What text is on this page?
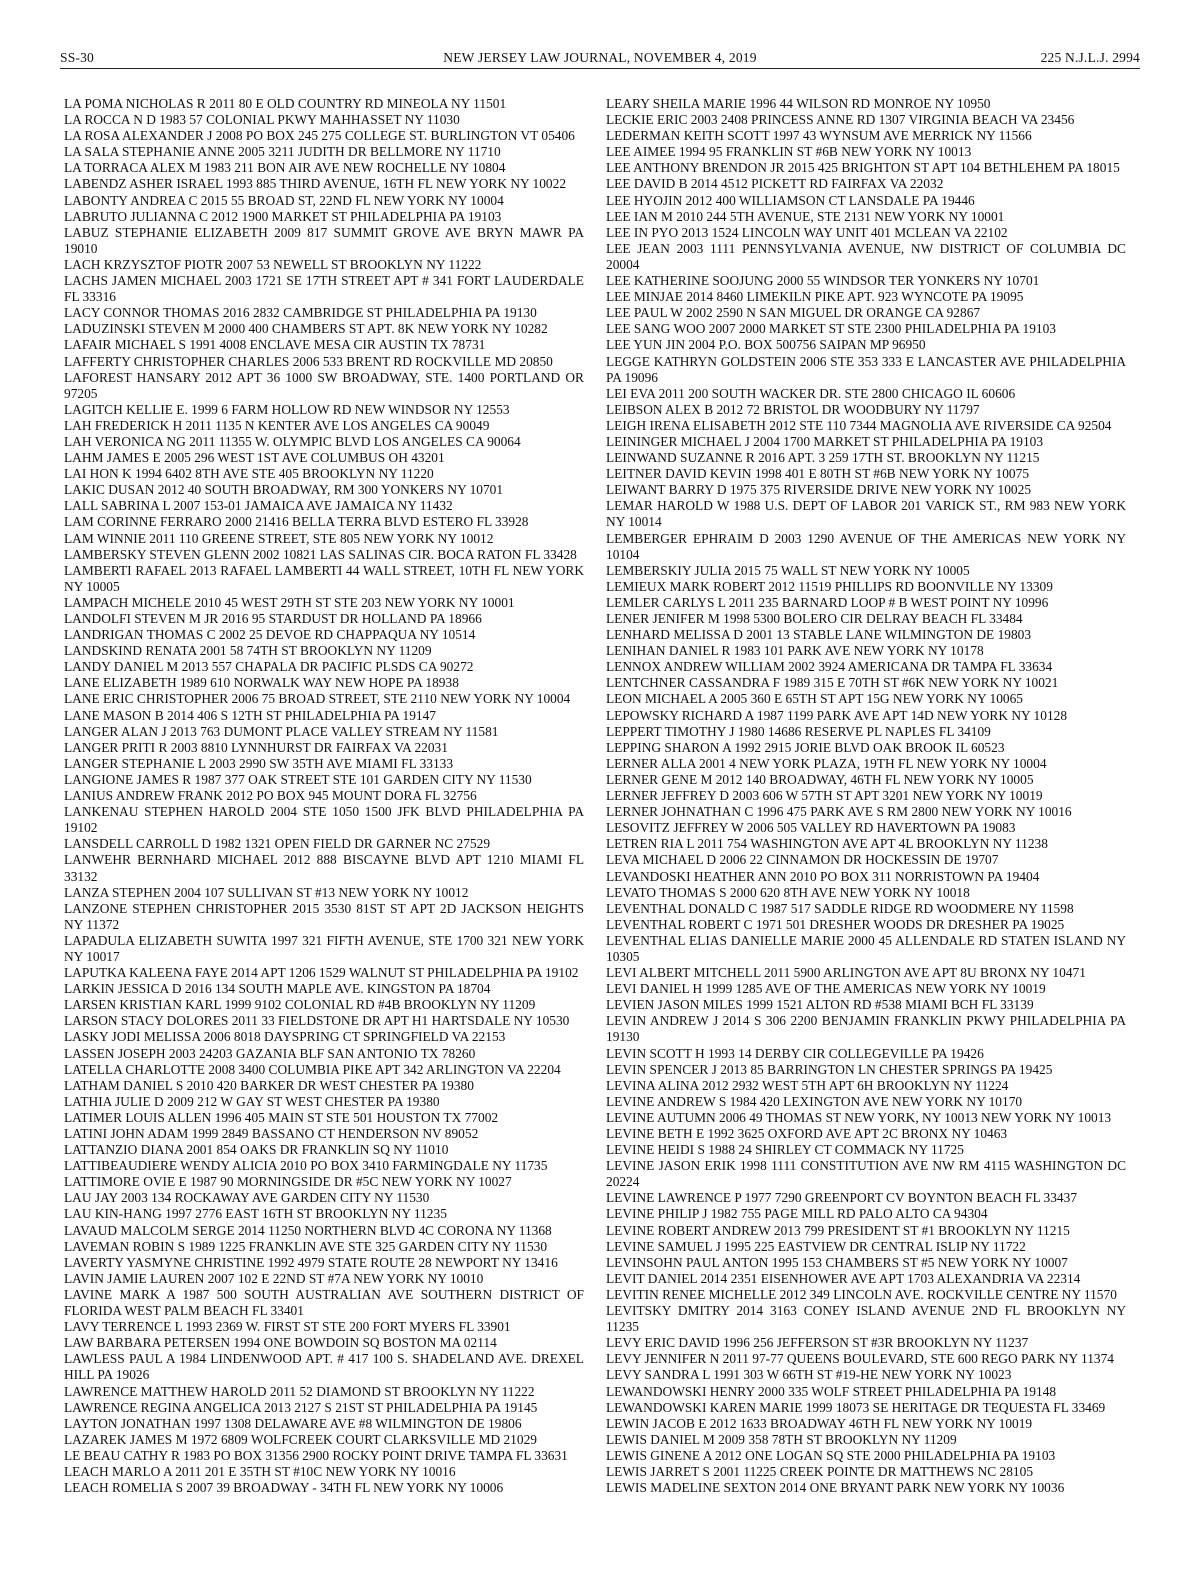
NEW JERSEY LAW JOURNAL, NOVEMBER 4, 2019
SS-30	225 N.J.L.J. 2994
LA POMA NICHOLAS R 2011 80 E OLD COUNTRY RD MINEOLA NY 11501
LA ROCCA N D 1983 57 COLONIAL PKWY MAHHASSET NY 11030
LA ROSA ALEXANDER J 2008 PO BOX 245 275 COLLEGE ST. BURLINGTON VT 05406
LA SALA STEPHANIE ANNE 2005 3211 JUDITH DR BELLMORE NY 11710
LA TORRACA ALEX M 1983 211 BON AIR AVE NEW ROCHELLE NY 10804
LABENDZ ASHER ISRAEL 1993 885 THIRD AVENUE, 16TH FL NEW YORK NY 10022
LABONTY ANDREA C 2015 55 BROAD ST, 22ND FL NEW YORK NY 10004
LABRUTO JULIANNA C 2012 1900 MARKET ST PHILADELPHIA PA 19103
LABUZ STEPHANIE ELIZABETH 2009 817 SUMMIT GROVE AVE BRYN MAWR PA 19010
LACH KRZYSZTOF PIOTR 2007 53 NEWELL ST BROOKLYN NY 11222
LACHS JAMEN MICHAEL 2003 1721 SE 17TH STREET APT # 341 FORT LAUDERDALE FL 33316
LACY CONNOR THOMAS 2016 2832 CAMBRIDGE ST PHILADELPHIA PA 19130
LADUZINSKI STEVEN M 2000 400 CHAMBERS ST APT. 8K NEW YORK NY 10282
LAFAIR MICHAEL S 1991 4008 ENCLAVE MESA CIR AUSTIN TX 78731
LAFFERTY CHRISTOPHER CHARLES 2006 533 BRENT RD ROCKVILLE MD 20850
LAFOREST HANSARY 2012 APT 36 1000 SW BROADWAY, STE. 1400 PORTLAND OR 97205
LAGITCH KELLIE E. 1999 6 FARM HOLLOW RD NEW WINDSOR NY 12553
LAH FREDERICK H 2011 1135 N KENTER AVE LOS ANGELES CA 90049
LAH VERONICA NG 2011 11355 W. OLYMPIC BLVD LOS ANGELES CA 90064
LAHM JAMES E 2005 296 WEST 1ST AVE COLUMBUS OH 43201
LAI HON K 1994 6402 8TH AVE STE 405 BROOKLYN NY 11220
LAKIC DUSAN 2012 40 SOUTH BROADWAY, RM 300 YONKERS NY 10701
LALL SABRINA L 2007 153-01 JAMAICA AVE JAMAICA NY 11432
LAM CORINNE FERRARO 2000 21416 BELLA TERRA BLVD ESTERO FL 33928
LAM WINNIE 2011 110 GREENE STREET, STE 805 NEW YORK NY 10012
LAMBERSKY STEVEN GLENN 2002 10821 LAS SALINAS CIR. BOCA RATON FL 33428
LAMBERTI RAFAEL 2013 RAFAEL LAMBERTI 44 WALL STREET, 10TH FL NEW YORK NY 10005
LAMPACH MICHELE 2010 45 WEST 29TH ST STE 203 NEW YORK NY 10001
LANDOLFI STEVEN M JR 2016 95 STARDUST DR HOLLAND PA 18966
LANDRIGAN THOMAS C 2002 25 DEVOE RD CHAPPAQUA NY 10514
LANDSKIND RENATA 2001 58 74TH ST BROOKLYN NY 11209
LANDY DANIEL M 2013 557 CHAPALA DR PACIFIC PLSDS CA 90272
LANE ELIZABETH 1989 610 NORWALK WAY NEW HOPE PA 18938
LANE ERIC CHRISTOPHER 2006 75 BROAD STREET, STE 2110 NEW YORK NY 10004
LANE MASON B 2014 406 S 12TH ST PHILADELPHIA PA 19147
LANGER ALAN J 2013 763 DUMONT PLACE VALLEY STREAM NY 11581
LANGER PRITI R 2003 8810 LYNNHURST DR FAIRFAX VA 22031
LANGER STEPHANIE L 2003 2990 SW 35TH AVE MIAMI FL 33133
LANGIONE JAMES R 1987 377 OAK STREET STE 101 GARDEN CITY NY 11530
LANIUS ANDREW FRANK 2012 PO BOX 945 MOUNT DORA FL 32756
LANKENAU STEPHEN HAROLD 2004 STE 1050 1500 JFK BLVD PHILADELPHIA PA 19102
LANSDELL CARROLL D 1982 1321 OPEN FIELD DR GARNER NC 27529
LANWEHR BERNHARD MICHAEL 2012 888 BISCAYNE BLVD APT 1210 MIAMI FL 33132
LANZA STEPHEN 2004 107 SULLIVAN ST #13 NEW YORK NY 10012
LANZONE STEPHEN CHRISTOPHER 2015 3530 81ST ST APT 2D JACKSON HEIGHTS NY 11372
LAPADULA ELIZABETH SUWITA 1997 321 FIFTH AVENUE, STE 1700 321 NEW YORK NY 10017
LAPUTKA KALEENA FAYE 2014 APT 1206 1529 WALNUT ST PHILADELPHIA PA 19102
LARKIN JESSICA D 2016 134 SOUTH MAPLE AVE. KINGSTON PA 18704
LARSEN KRISTIAN KARL 1999 9102 COLONIAL RD #4B BROOKLYN NY 11209
LARSON STACY DOLORES 2011 33 FIELDSTONE DR APT H1 HARTSDALE NY 10530
LASKY JODI MELISSA 2006 8018 DAYSPRING CT SPRINGFIELD VA 22153
LASSEN JOSEPH 2003 24203 GAZANIA BLF SAN ANTONIO TX 78260
LATELLA CHARLOTTE 2008 3400 COLUMBIA PIKE APT 342 ARLINGTON VA 22204
LATHAM DANIEL S 2010 420 BARKER DR WEST CHESTER PA 19380
LATHIA JULIE D 2009 212 W GAY ST WEST CHESTER PA 19380
LATIMER LOUIS ALLEN 1996 405 MAIN ST STE 501 HOUSTON TX 77002
LATINI JOHN ADAM 1999 2849 BASSANO CT HENDERSON NV 89052
LATTANZIO DIANA 2001 854 OAKS DR FRANKLIN SQ NY 11010
LATTIBEAUDIERE WENDY ALICIA 2010 PO BOX 3410 FARMINGDALE NY 11735
LATTIMORE OVIE E 1987 90 MORNINGSIDE DR #5C NEW YORK NY 10027
LAU JAY 2003 134 ROCKAWAY AVE GARDEN CITY NY 11530
LAU KIN-HANG 1997 2776 EAST 16TH ST BROOKLYN NY 11235
LAVAUD MALCOLM SERGE 2014 11250 NORTHERN BLVD 4C CORONA NY 11368
LAVEMAN ROBIN S 1989 1225 FRANKLIN AVE STE 325 GARDEN CITY NY 11530
LAVERTY YASMYNE CHRISTINE 1992 4979 STATE ROUTE 28 NEWPORT NY 13416
LAVIN JAMIE LAUREN 2007 102 E 22ND ST #7A NEW YORK NY 10010
LAVINE MARK A 1987 500 SOUTH AUSTRALIAN AVE SOUTHERN DISTRICT OF FLORIDA WEST PALM BEACH FL 33401
LAVY TERRENCE L 1993 2369 W. FIRST ST STE 200 FORT MYERS FL 33901
LAW BARBARA PETERSEN 1994 ONE BOWDOIN SQ BOSTON MA 02114
LAWLESS PAUL A 1984 LINDENWOOD APT. # 417 100 S. SHADELAND AVE. DREXEL HILL PA 19026
LAWRENCE MATTHEW HAROLD 2011 52 DIAMOND ST BROOKLYN NY 11222
LAWRENCE REGINA ANGELICA 2013 2127 S 21ST ST PHILADELPHIA PA 19145
LAYTON JONATHAN 1997 1308 DELAWARE AVE #8 WILMINGTON DE 19806
LAZAREK JAMES M 1972 6809 WOLFCREEK COURT CLARKSVILLE MD 21029
LE BEAU CATHY R 1983 PO BOX 31356 2900 ROCKY POINT DRIVE TAMPA FL 33631
LEACH MARLO A 2011 201 E 35TH ST #10C NEW YORK NY 10016
LEACH ROMELIA S 2007 39 BROADWAY - 34TH FL NEW YORK NY 10006
LEARY SHEILA MARIE 1996 44 WILSON RD MONROE NY 10950
LECKIE ERIC 2003 2408 PRINCESS ANNE RD 1307 VIRGINIA BEACH VA 23456
LEDERMAN KEITH SCOTT 1997 43 WYNSUM AVE MERRICK NY 11566
LEE AIMEE 1994 95 FRANKLIN ST #6B NEW YORK NY 10013
LEE ANTHONY BRENDON JR 2015 425 BRIGHTON ST APT 104 BETHLEHEM PA 18015
LEE DAVID B 2014 4512 PICKETT RD FAIRFAX VA 22032
LEE HYOJIN 2012 400 WILLIAMSON CT LANSDALE PA 19446
LEE IAN M 2010 244 5TH AVENUE, STE 2131 NEW YORK NY 10001
LEE IN PYO 2013 1524 LINCOLN WAY UNIT 401 MCLEAN VA 22102
LEE JEAN 2003 1111 PENNSYLVANIA AVENUE, NW DISTRICT OF COLUMBIA DC 20004
LEE KATHERINE SOOJUNG 2000 55 WINDSOR TER YONKERS NY 10701
LEE MINJAE 2014 8460 LIMEKILN PIKE APT. 923 WYNCOTE PA 19095
LEE PAUL W 2002 2590 N SAN MIGUEL DR ORANGE CA 92867
LEE SANG WOO 2007 2000 MARKET ST STE 2300 PHILADELPHIA PA 19103
LEE YUN JIN 2004 P.O. BOX 500756 SAIPAN MP 96950
LEGGE KATHRYN GOLDSTEIN 2006 STE 353 333 E LANCASTER AVE PHILADELPHIA PA 19096
LEI EVA 2011 200 SOUTH WACKER DR. STE 2800 CHICAGO IL 60606
LEIBSON ALEX B 2012 72 BRISTOL DR WOODBURY NY 11797
LEIGH IRENA ELISABETH 2012 STE 110 7344 MAGNOLIA AVE RIVERSIDE CA 92504
LEININGER MICHAEL J 2004 1700 MARKET ST PHILADELPHIA PA 19103
LEINWAND SUZANNE R 2016 APT. 3 259 17TH ST. BROOKLYN NY 11215
LEITNER DAVID KEVIN 1998 401 E 80TH ST #6B NEW YORK NY 10075
LEIWANT BARRY D 1975 375 RIVERSIDE DRIVE NEW YORK NY 10025
LEMAR HAROLD W 1988 U.S. DEPT OF LABOR 201 VARICK ST., RM 983 NEW YORK NY 10014
LEMBERGER EPHRAIM D 2003 1290 AVENUE OF THE AMERICAS NEW YORK NY 10104
LEMBERSKIY JULIA 2015 75 WALL ST NEW YORK NY 10005
LEMIEUX MARK ROBERT 2012 11519 PHILLIPS RD BOONVILLE NY 13309
LEMLER CARLYS L 2011 235 BARNARD LOOP # B WEST POINT NY 10996
LENER JENIFER M 1998 5300 BOLERO CIR DELRAY BEACH FL 33484
LENHARD MELISSA D 2001 13 STABLE LANE WILMINGTON DE 19803
LENIHAN DANIEL R 1983 101 PARK AVE NEW YORK NY 10178
LENNOX ANDREW WILLIAM 2002 3924 AMERICANA DR TAMPA FL 33634
LENTCHNER CASSANDRA F 1989 315 E 70TH ST #6K NEW YORK NY 10021
LEON MICHAEL A 2005 360 E 65TH ST APT 15G NEW YORK NY 10065
LEPOWSKY RICHARD A 1987 1199 PARK AVE APT 14D NEW YORK NY 10128
LEPPERT TIMOTHY J 1980 14686 RESERVE PL NAPLES FL 34109
LEPPING SHARON A 1992 2915 JORIE BLVD OAK BROOK IL 60523
LERNER ALLA 2001 4 NEW YORK PLAZA, 19TH FL NEW YORK NY 10004
LERNER GENE M 2012 140 BROADWAY, 46TH FL NEW YORK NY 10005
LERNER JEFFREY D 2003 606 W 57TH ST APT 3201 NEW YORK NY 10019
LERNER JOHNATHAN C 1996 475 PARK AVE S RM 2800 NEW YORK NY 10016
LESOVITZ JEFFREY W 2006 505 VALLEY RD HAVERTOWN PA 19083
LETREN RIA L 2011 754 WASHINGTON AVE APT 4L BROOKLYN NY 11238
LEVA MICHAEL D 2006 22 CINNAMON DR HOCKESSIN DE 19707
LEVANDOSKI HEATHER ANN 2010 PO BOX 311 NORRISTOWN PA 19404
LEVATO THOMAS S 2000 620 8TH AVE NEW YORK NY 10018
LEVENTHAL DONALD C 1987 517 SADDLE RIDGE RD WOODMERE NY 11598
LEVENTHAL ROBERT C 1971 501 DRESHER WOODS DR DRESHER PA 19025
LEVENTHAL ELIAS DANIELLE MARIE 2000 45 ALLENDALE RD STATEN ISLAND NY 10305
LEVI ALBERT MITCHELL 2011 5900 ARLINGTON AVE APT 8U BRONX NY 10471
LEVI DANIEL H 1999 1285 AVE OF THE AMERICAS NEW YORK NY 10019
LEVIEN JASON MILES 1999 1521 ALTON RD #538 MIAMI BCH FL 33139
LEVIN ANDREW J 2014 S 306 2200 BENJAMIN FRANKLIN PKWY PHILADELPHIA PA 19130
LEVIN SCOTT H 1993 14 DERBY CIR COLLEGEVILLE PA 19426
LEVIN SPENCER J 2013 85 BARRINGTON LN CHESTER SPRINGS PA 19425
LEVINA ALINA 2012 2932 WEST 5TH APT 6H BROOKLYN NY 11224
LEVINE ANDREW S 1984 420 LEXINGTON AVE NEW YORK NY 10170
LEVINE AUTUMN 2006 49 THOMAS ST NEW YORK, NY 10013 NEW YORK NY 10013
LEVINE BETH E 1992 3625 OXFORD AVE APT 2C BRONX NY 10463
LEVINE HEIDI S 1988 24 SHIRLEY CT COMMACK NY 11725
LEVINE JASON ERIK 1998 1111 CONSTITUTION AVE NW RM 4115 WASHINGTON DC 20224
LEVINE LAWRENCE P 1977 7290 GREENPORT CV BOYNTON BEACH FL 33437
LEVINE PHILIP J 1982 755 PAGE MILL RD PALO ALTO CA 94304
LEVINE ROBERT ANDREW 2013 799 PRESIDENT ST #1 BROOKLYN NY 11215
LEVINE SAMUEL J 1995 225 EASTVIEW DR CENTRAL ISLIP NY 11722
LEVINSOHN PAUL ANTON 1995 153 CHAMBERS ST #5 NEW YORK NY 10007
LEVIT DANIEL 2014 2351 EISENHOWER AVE APT 1703 ALEXANDRIA VA 22314
LEVITIN RENEE MICHELLE 2012 349 LINCOLN AVE. ROCKVILLE CENTRE NY 11570
LEVITSKY DMITRY 2014 3163 CONEY ISLAND AVENUE 2ND FL BROOKLYN NY 11235
LEVY ERIC DAVID 1996 256 JEFFERSON ST #3R BROOKLYN NY 11237
LEVY JENNIFER N 2011 97-77 QUEENS BOULEVARD, STE 600 REGO PARK NY 11374
LEVY SANDRA L 1991 303 W 66TH ST #19-HE NEW YORK NY 10023
LEWANDOWSKI HENRY 2000 335 WOLF STREET PHILADELPHIA PA 19148
LEWANDOWSKI KAREN MARIE 1999 18073 SE HERITAGE DR TEQUESTA FL 33469
LEWIN JACOB E 2012 1633 BROADWAY 46TH FL NEW YORK NY 10019
LEWIS DANIEL M 2009 358 78TH ST BROOKLYN NY 11209
LEWIS GINENE A 2012 ONE LOGAN SQ STE 2000 PHILADELPHIA PA 19103
LEWIS JARRET S 2001 11225 CREEK POINTE DR MATTHEWS NC 28105
LEWIS MADELINE SEXTON 2014 ONE BRYANT PARK NEW YORK NY 10036
